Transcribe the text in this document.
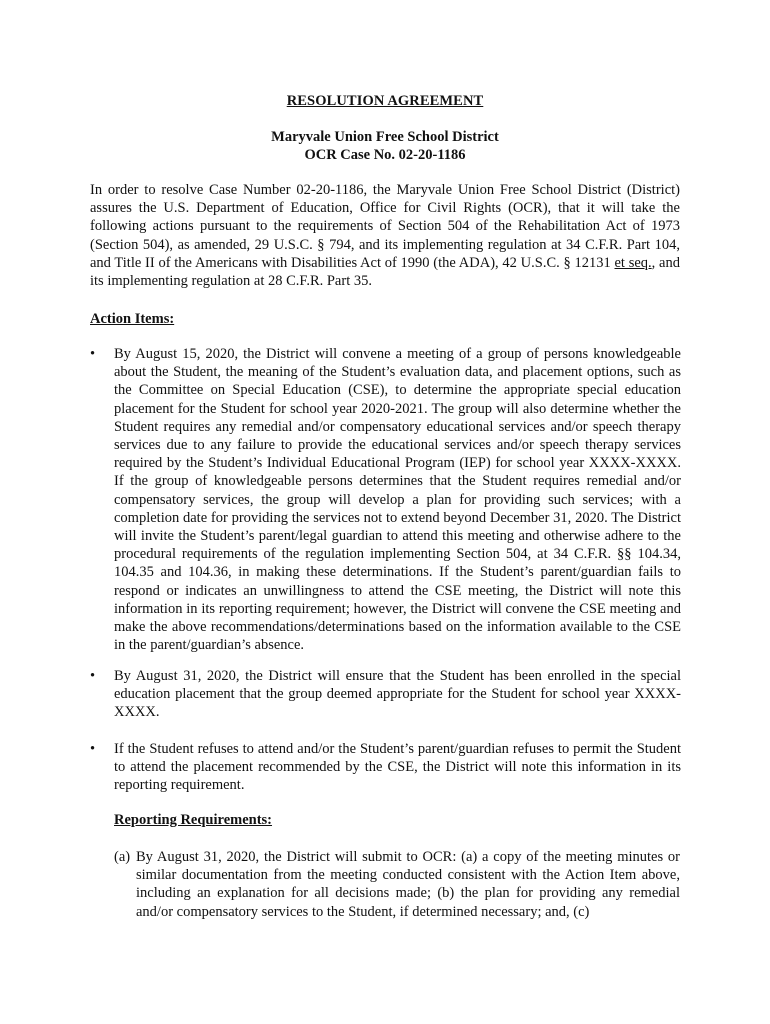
RESOLUTION AGREEMENT
Maryvale Union Free School District
OCR Case No. 02-20-1186
In order to resolve Case Number 02-20-1186, the Maryvale Union Free School District (District) assures the U.S. Department of Education, Office for Civil Rights (OCR), that it will take the following actions pursuant to the requirements of Section 504 of the Rehabilitation Act of 1973 (Section 504), as amended, 29 U.S.C. § 794, and its implementing regulation at 34 C.F.R. Part 104, and Title II of the Americans with Disabilities Act of 1990 (the ADA), 42 U.S.C. § 12131 et seq., and its implementing regulation at 28 C.F.R. Part 35.
Action Items:
•	By August 15, 2020, the District will convene a meeting of a group of persons knowledgeable about the Student, the meaning of the Student’s evaluation data, and placement options, such as the Committee on Special Education (CSE), to determine the appropriate special education placement for the Student for school year 2020-2021. The group will also determine whether the Student requires any remedial and/or compensatory educational services and/or speech therapy services due to any failure to provide the educational services and/or speech therapy services required by the Student’s Individual Educational Program (IEP) for school year XXXX-XXXX. If the group of knowledgeable persons determines that the Student requires remedial and/or compensatory services, the group will develop a plan for providing such services; with a completion date for providing the services not to extend beyond December 31, 2020. The District will invite the Student’s parent/legal guardian to attend this meeting and otherwise adhere to the procedural requirements of the regulation implementing Section 504, at 34 C.F.R. §§ 104.34, 104.35 and 104.36, in making these determinations. If the Student’s parent/guardian fails to respond or indicates an unwillingness to attend the CSE meeting, the District will note this information in its reporting requirement; however, the District will convene the CSE meeting and make the above recommendations/determinations based on the information available to the CSE in the parent/guardian’s absence.
•	By August 31, 2020, the District will ensure that the Student has been enrolled in the special education placement that the group deemed appropriate for the Student for school year XXXX-XXXX.
•	If the Student refuses to attend and/or the Student’s parent/guardian refuses to permit the Student to attend the placement recommended by the CSE, the District will note this information in its reporting requirement.
Reporting Requirements:
(a) By August 31, 2020, the District will submit to OCR: (a) a copy of the meeting minutes or similar documentation from the meeting conducted consistent with the Action Item above, including an explanation for all decisions made; (b) the plan for providing any remedial and/or compensatory services to the Student, if determined necessary; and, (c)
